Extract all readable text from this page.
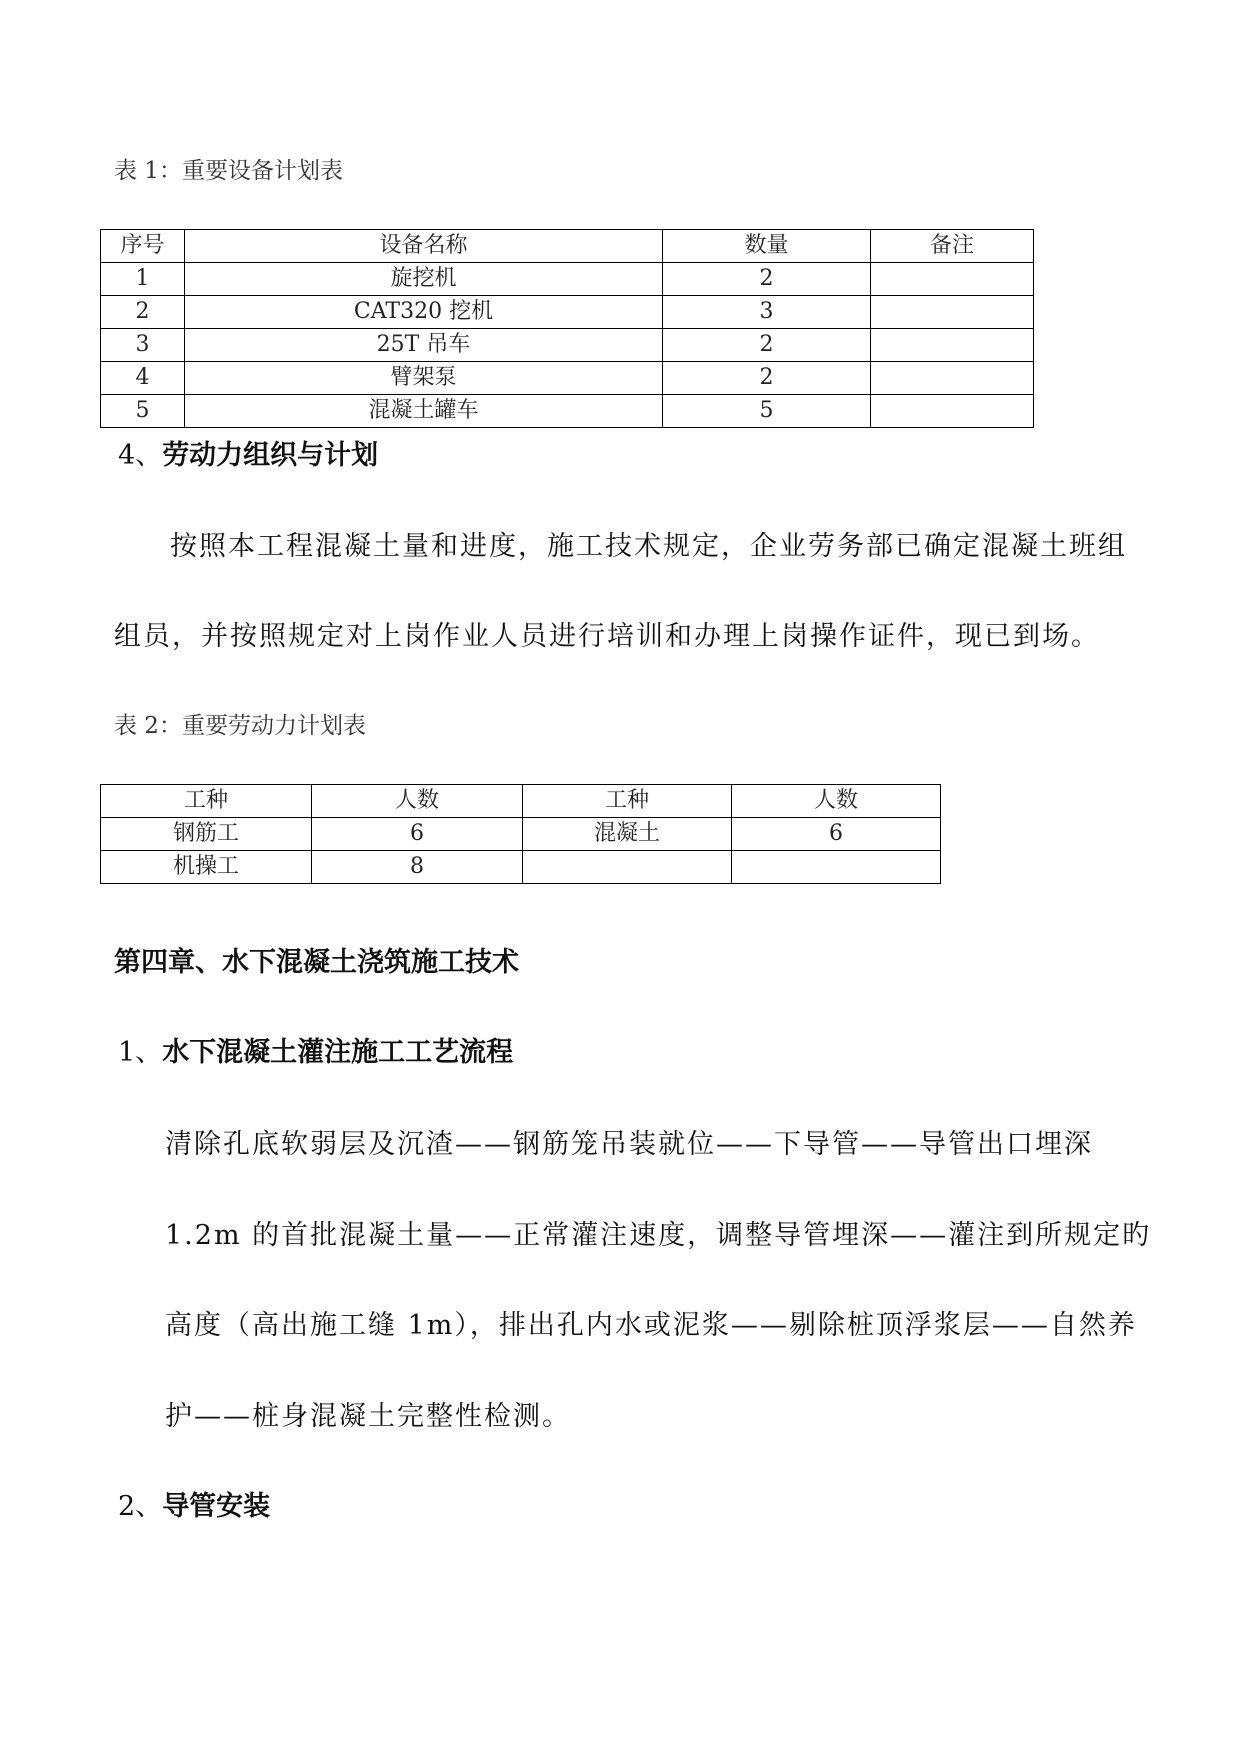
表 1：重要设备计划表
序号	设备名称	数量	备注
1	旋挖机	2	
2	CAT320 挖机	3	
3	25T 吊车	2	
4	臂架泵	2	
5	混凝土罐车	5	
4、劳动力组织与计划
按照本工程混凝土量和进度，施工技术规定，企业劳务部已确定混凝土班组
组员，并按照规定对上岗作业人员进行培训和办理上岗操作证件，现已到场。
表 2：重要劳动力计划表
工种	人数	工种	人数
钢筋工	6	混凝土	6
机操工	8		
第四章、水下混凝土浇筑施工技术
1、水下混凝土灌注施工工艺流程
清除孔底软弱层及沉渣——钢筋笼吊装就位——下导管——导管出口埋深
1.2m 的首批混凝土量——正常灌注速度，调整导管埋深——灌注到所规定旳
高度（高出施工缝 1m），排出孔内水或泥浆——剔除桩顶浮浆层——自然养
护——桩身混凝土完整性检测。
2、导管安装
